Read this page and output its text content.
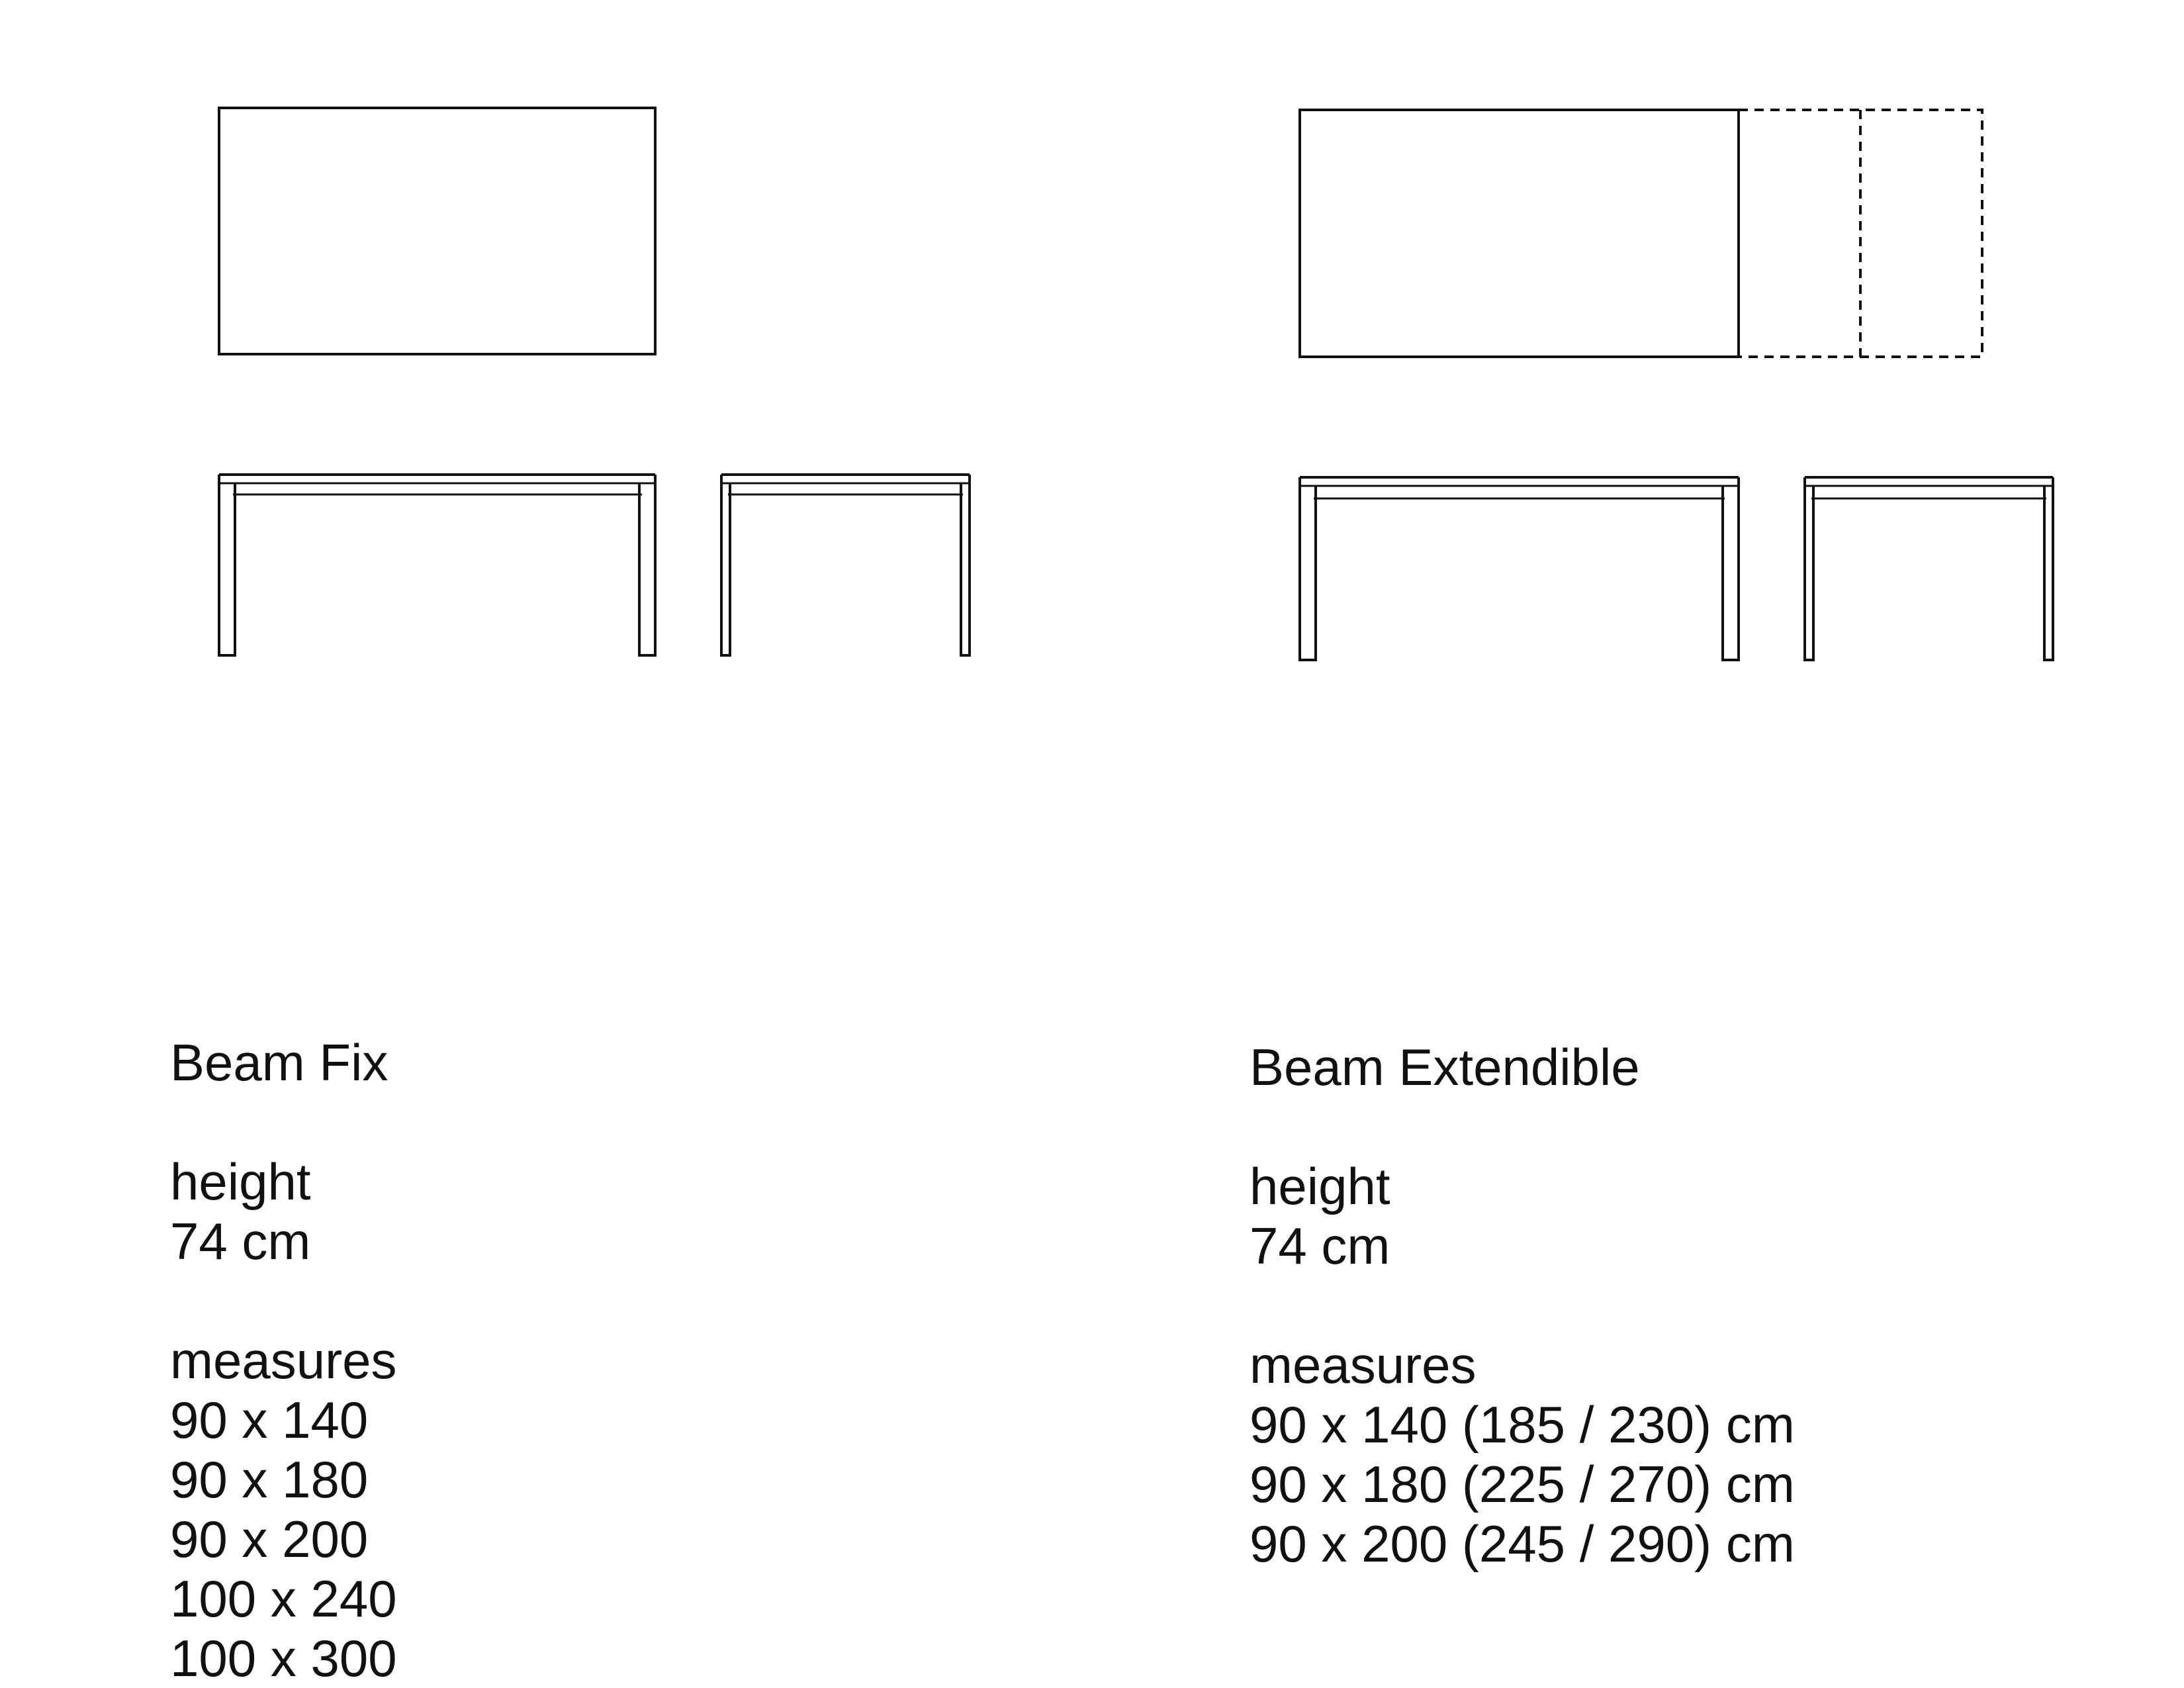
Beam Fix
height
74 cm
measures
90 x 140
90 x 180
90 x 200
100 x 240
100 x 300
Beam Extendible
height
74 cm
measures
90 x 140 (185 / 230) cm
90 x 180 (225 / 270) cm
90 x 200 (245 / 290) cm
